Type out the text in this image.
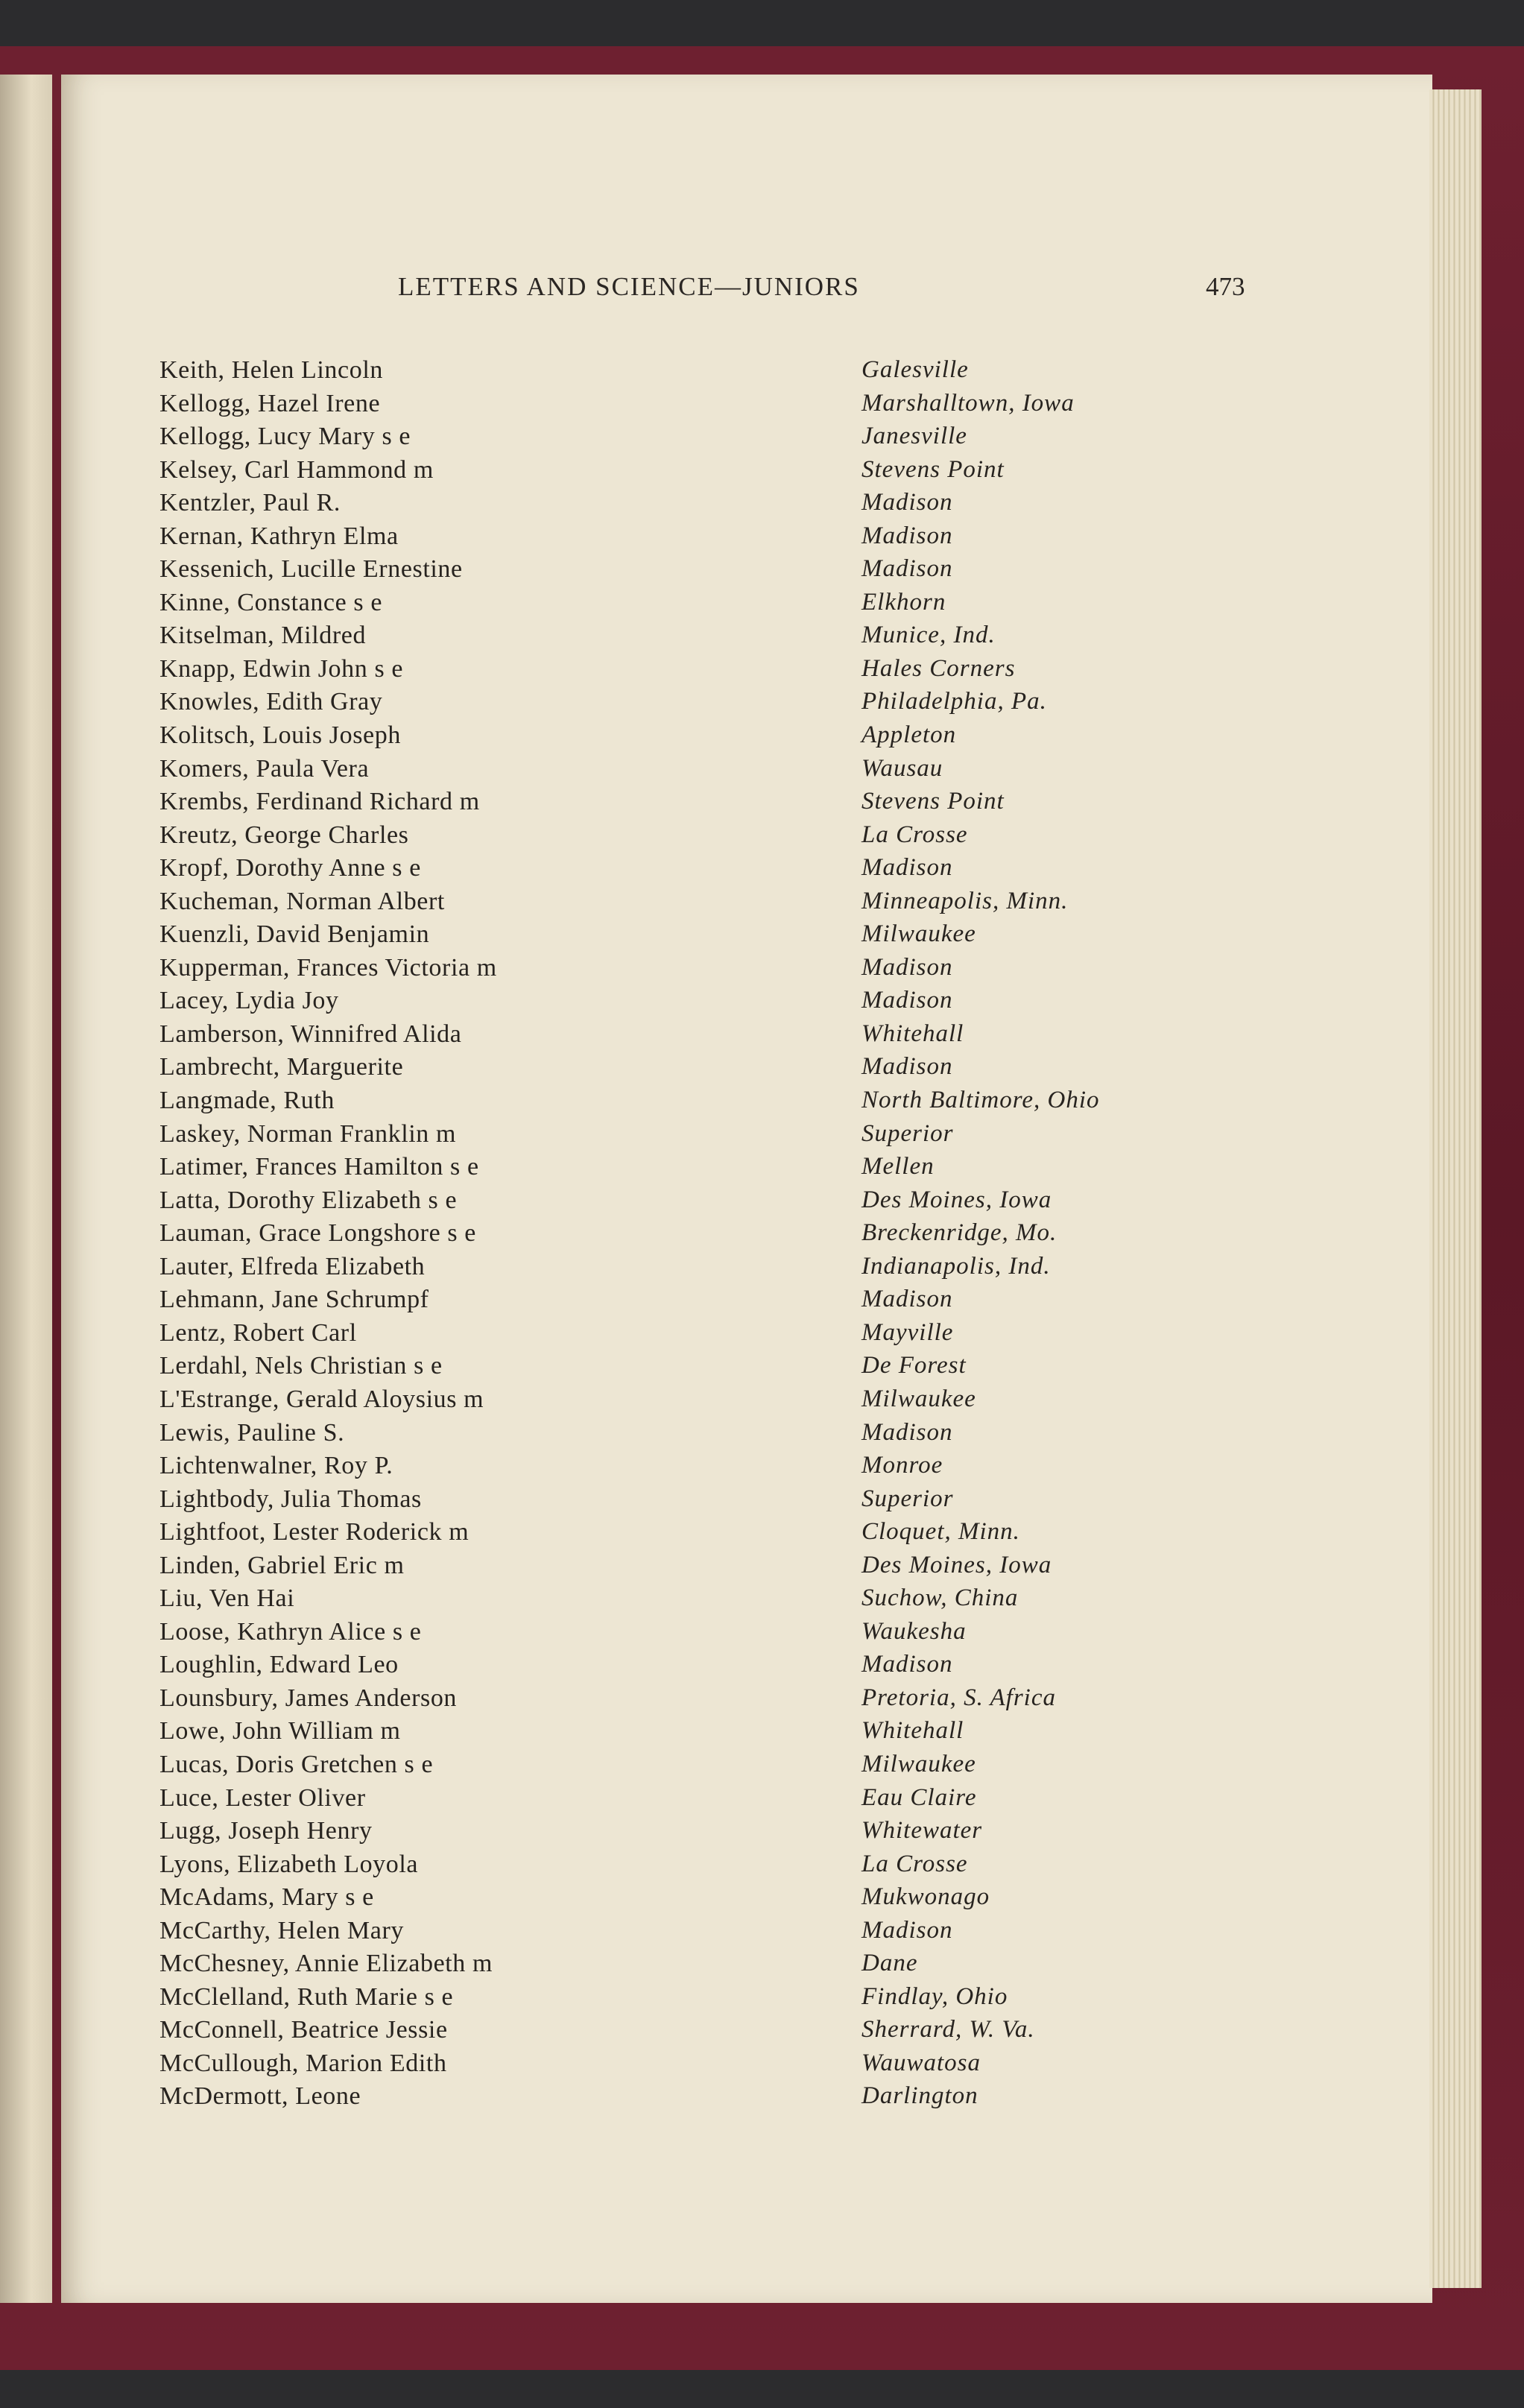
LETTERS AND SCIENCE—JUNIORS	473
Keith, Helen Lincoln	Galesville
Kellogg, Hazel Irene	Marshalltown, Iowa
Kellogg, Lucy Mary s e	Janesville
Kelsey, Carl Hammond m	Stevens Point
Kentzler, Paul R.	Madison
Kernan, Kathryn Elma	Madison
Kessenich, Lucille Ernestine	Madison
Kinne, Constance s e	Elkhorn
Kitselman, Mildred	Munice, Ind.
Knapp, Edwin John s e	Hales Corners
Knowles, Edith Gray	Philadelphia, Pa.
Kolitsch, Louis Joseph	Appleton
Komers, Paula Vera	Wausau
Krembs, Ferdinand Richard m	Stevens Point
Kreutz, George Charles	La Crosse
Kropf, Dorothy Anne s e	Madison
Kucheman, Norman Albert	Minneapolis, Minn.
Kuenzli, David Benjamin	Milwaukee
Kupperman, Frances Victoria m	Madison
Lacey, Lydia Joy	Madison
Lamberson, Winnifred Alida	Whitehall
Lambrecht, Marguerite	Madison
Langmade, Ruth	North Baltimore, Ohio
Laskey, Norman Franklin m	Superior
Latimer, Frances Hamilton s e	Mellen
Latta, Dorothy Elizabeth s e	Des Moines, Iowa
Lauman, Grace Longshore s e	Breckenridge, Mo.
Lauter, Elfreda Elizabeth	Indianapolis, Ind.
Lehmann, Jane Schrumpf	Madison
Lentz, Robert Carl	Mayville
Lerdahl, Nels Christian s e	De Forest
L'Estrange, Gerald Aloysius m	Milwaukee
Lewis, Pauline S.	Madison
Lichtenwalner, Roy P.	Monroe
Lightbody, Julia Thomas	Superior
Lightfoot, Lester Roderick m	Cloquet, Minn.
Linden, Gabriel Eric m	Des Moines, Iowa
Liu, Ven Hai	Suchow, China
Loose, Kathryn Alice s e	Waukesha
Loughlin, Edward Leo	Madison
Lounsbury, James Anderson	Pretoria, S. Africa
Lowe, John William m	Whitehall
Lucas, Doris Gretchen s e	Milwaukee
Luce, Lester Oliver	Eau Claire
Lugg, Joseph Henry	Whitewater
Lyons, Elizabeth Loyola	La Crosse
McAdams, Mary s e	Mukwonago
McCarthy, Helen Mary	Madison
McChesney, Annie Elizabeth m	Dane
McClelland, Ruth Marie s e	Findlay, Ohio
McConnell, Beatrice Jessie	Sherrard, W. Va.
McCullough, Marion Edith	Wauwatosa
McDermott, Leone	Darlington
